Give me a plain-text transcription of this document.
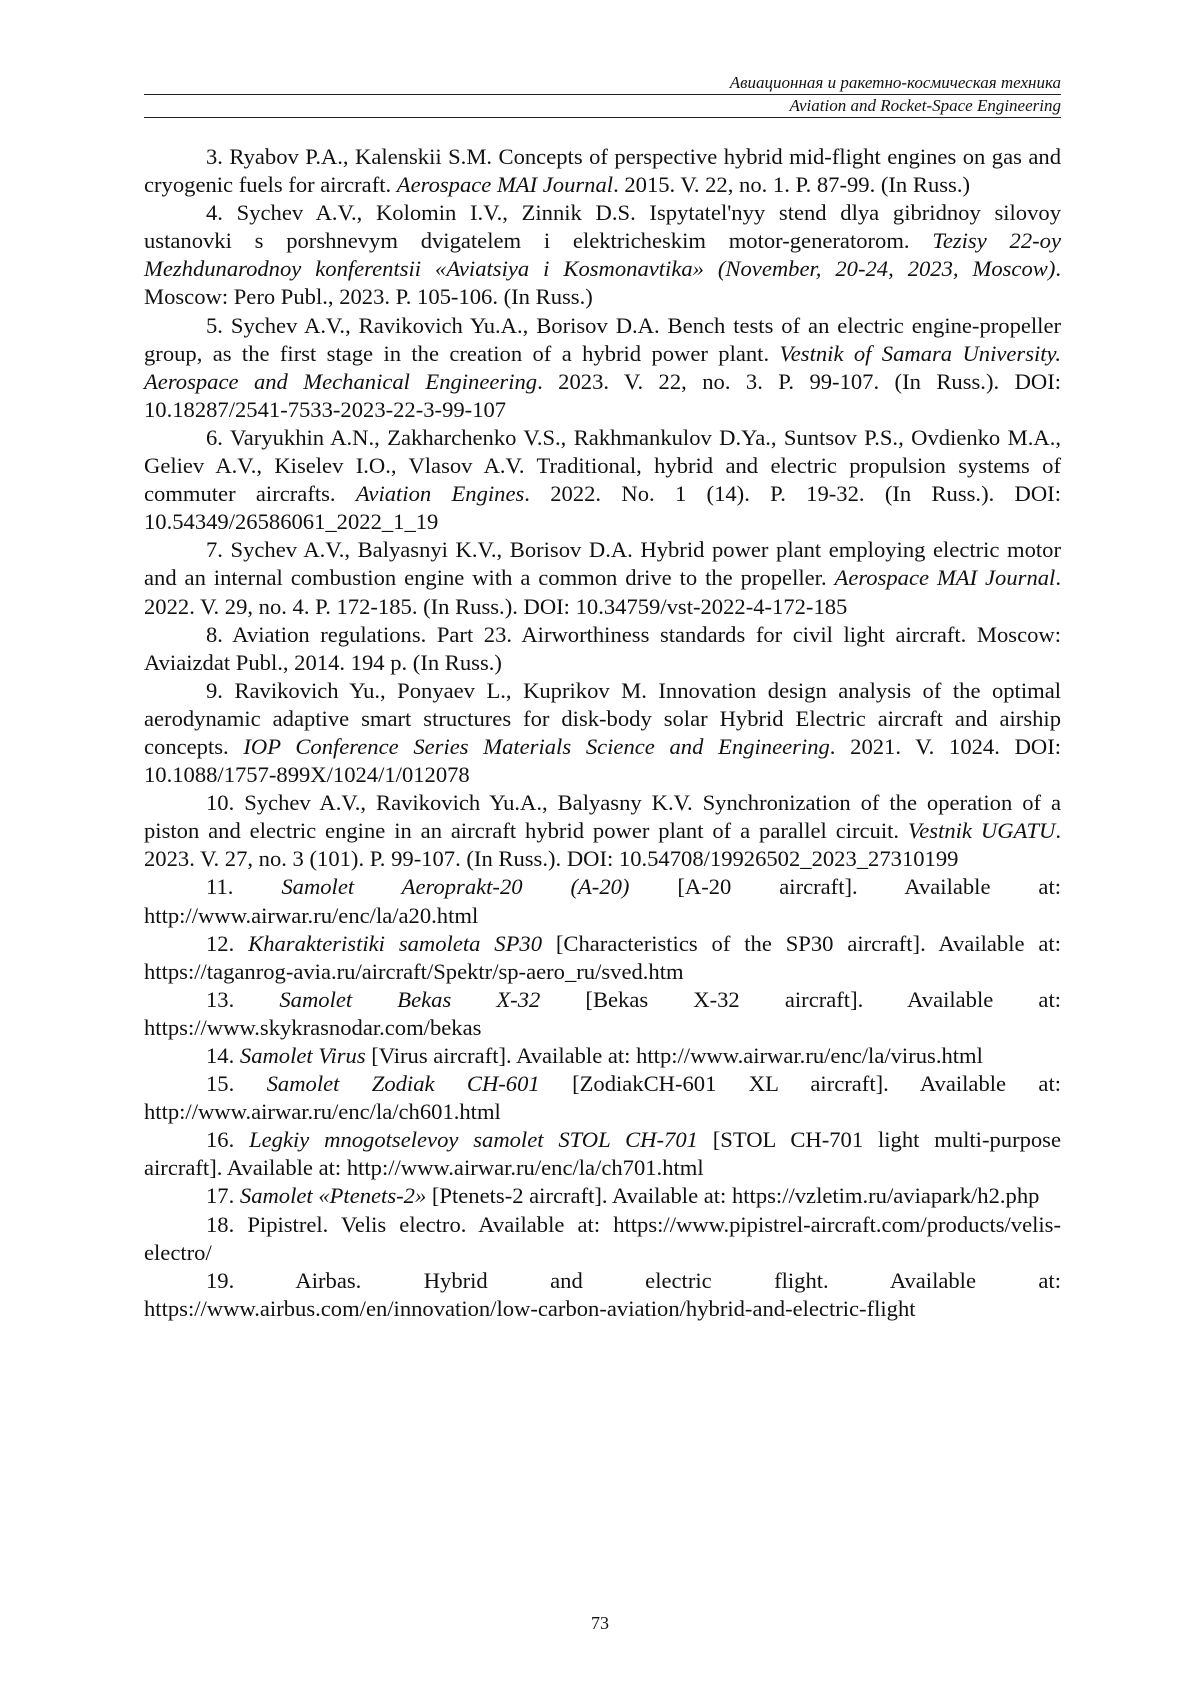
Авиационная и ракетно-космическая техника
Aviation and Rocket-Space Engineering

3. Ryabov P.A., Kalenskii S.M. Concepts of perspective hybrid mid-flight engines on gas and cryogenic fuels for aircraft. Aerospace MAI Journal. 2015. V. 22, no. 1. P. 87-99. (In Russ.)

4. Sychev A.V., Kolomin I.V., Zinnik D.S. Ispytatel'nyy stend dlya gibridnoy silovoy ustanovki s porshnevym dvigatelem i elektricheskim motor-generatorom. Tezisy 22-oy Mezhdunarodnoy konferentsii «Aviatsiya i Kosmonavtika» (November, 20-24, 2023, Moscow). Moscow: Pero Publ., 2023. P. 105-106. (In Russ.)

5. Sychev A.V., Ravikovich Yu.A., Borisov D.A. Bench tests of an electric engine-propeller group, as the first stage in the creation of a hybrid power plant. Vestnik of Samara University. Aerospace and Mechanical Engineering. 2023. V. 22, no. 3. P. 99-107. (In Russ.). DOI: 10.18287/2541-7533-2023-22-3-99-107

6. Varyukhin A.N., Zakharchenko V.S., Rakhmankulov D.Ya., Suntsov P.S., Ovdienko M.A., Geliev A.V., Kiselev I.O., Vlasov A.V. Traditional, hybrid and electric propulsion systems of commuter aircrafts. Aviation Engines. 2022. No. 1 (14). P. 19-32. (In Russ.). DOI: 10.54349/26586061_2022_1_19

7. Sychev A.V., Balyasnyi K.V., Borisov D.A. Hybrid power plant employing electric motor and an internal combustion engine with a common drive to the propeller. Aerospace MAI Journal. 2022. V. 29, no. 4. P. 172-185. (In Russ.). DOI: 10.34759/vst-2022-4-172-185

8. Aviation regulations. Part 23. Airworthiness standards for civil light aircraft. Moscow: Aviaizdat Publ., 2014. 194 p. (In Russ.)

9. Ravikovich Yu., Ponyaev L., Kuprikov M. Innovation design analysis of the optimal aerodynamic adaptive smart structures for disk-body solar Hybrid Electric aircraft and airship concepts. IOP Conference Series Materials Science and Engineering. 2021. V. 1024. DOI: 10.1088/1757-899X/1024/1/012078

10. Sychev A.V., Ravikovich Yu.A., Balyasny K.V. Synchronization of the operation of a piston and electric engine in an aircraft hybrid power plant of a parallel circuit. Vestnik UGATU. 2023. V. 27, no. 3 (101). P. 99-107. (In Russ.). DOI: 10.54708/19926502_2023_27310199

11. Samolet Aeroprakt-20 (A-20) [A-20 aircraft]. Available at: http://www.airwar.ru/enc/la/a20.html

12. Kharakteristiki samoleta SP30 [Characteristics of the SP30 aircraft]. Available at: https://taganrog-avia.ru/aircraft/Spektr/sp-aero_ru/sved.htm

13. Samolet Bekas X-32 [Bekas X-32 aircraft]. Available at: https://www.skykrasnodar.com/bekas

14. Samolet Virus [Virus aircraft]. Available at: http://www.airwar.ru/enc/la/virus.html

15. Samolet Zodiak CH-601 [ZodiakCH-601 XL aircraft]. Available at: http://www.airwar.ru/enc/la/ch601.html

16. Legkiy mnogotselevoy samolet STOL CH-701 [STOL CH-701 light multi-purpose aircraft]. Available at: http://www.airwar.ru/enc/la/ch701.html

17. Samolet «Ptenets-2» [Ptenets-2 aircraft]. Available at: https://vzletim.ru/aviapark/h2.php

18. Pipistrel. Velis electro. Available at: https://www.pipistrel-aircraft.com/products/velis-electro/

19. Airbas. Hybrid and electric flight. Available at: https://www.airbus.com/en/innovation/low-carbon-aviation/hybrid-and-electric-flight

73
